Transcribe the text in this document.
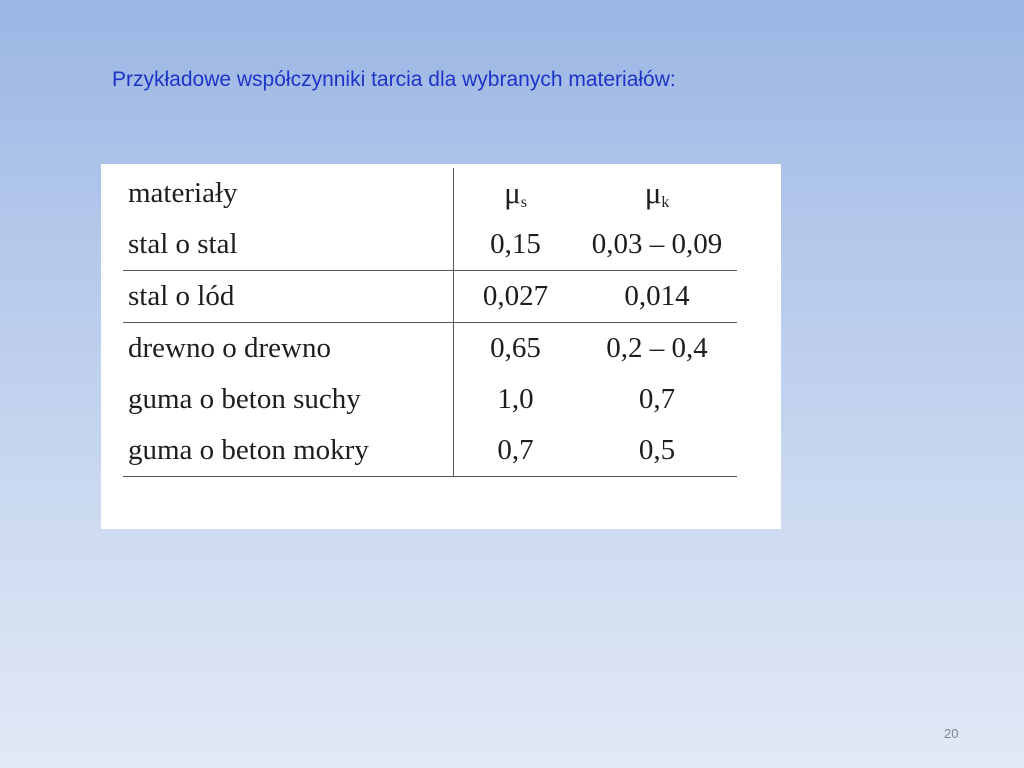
Przykładowe współczynniki tarcia dla wybranych materiałów:
materiały	$\mu_s$	$\mu_k$
stal o stal	0,15	0,03 – 0,09
stal o lód	0,027	0,014
drewno o drewno	0,65	0,2 – 0,4
guma o beton suchy	1,0	0,7
guma o beton mokry	0,7	0,5
20
